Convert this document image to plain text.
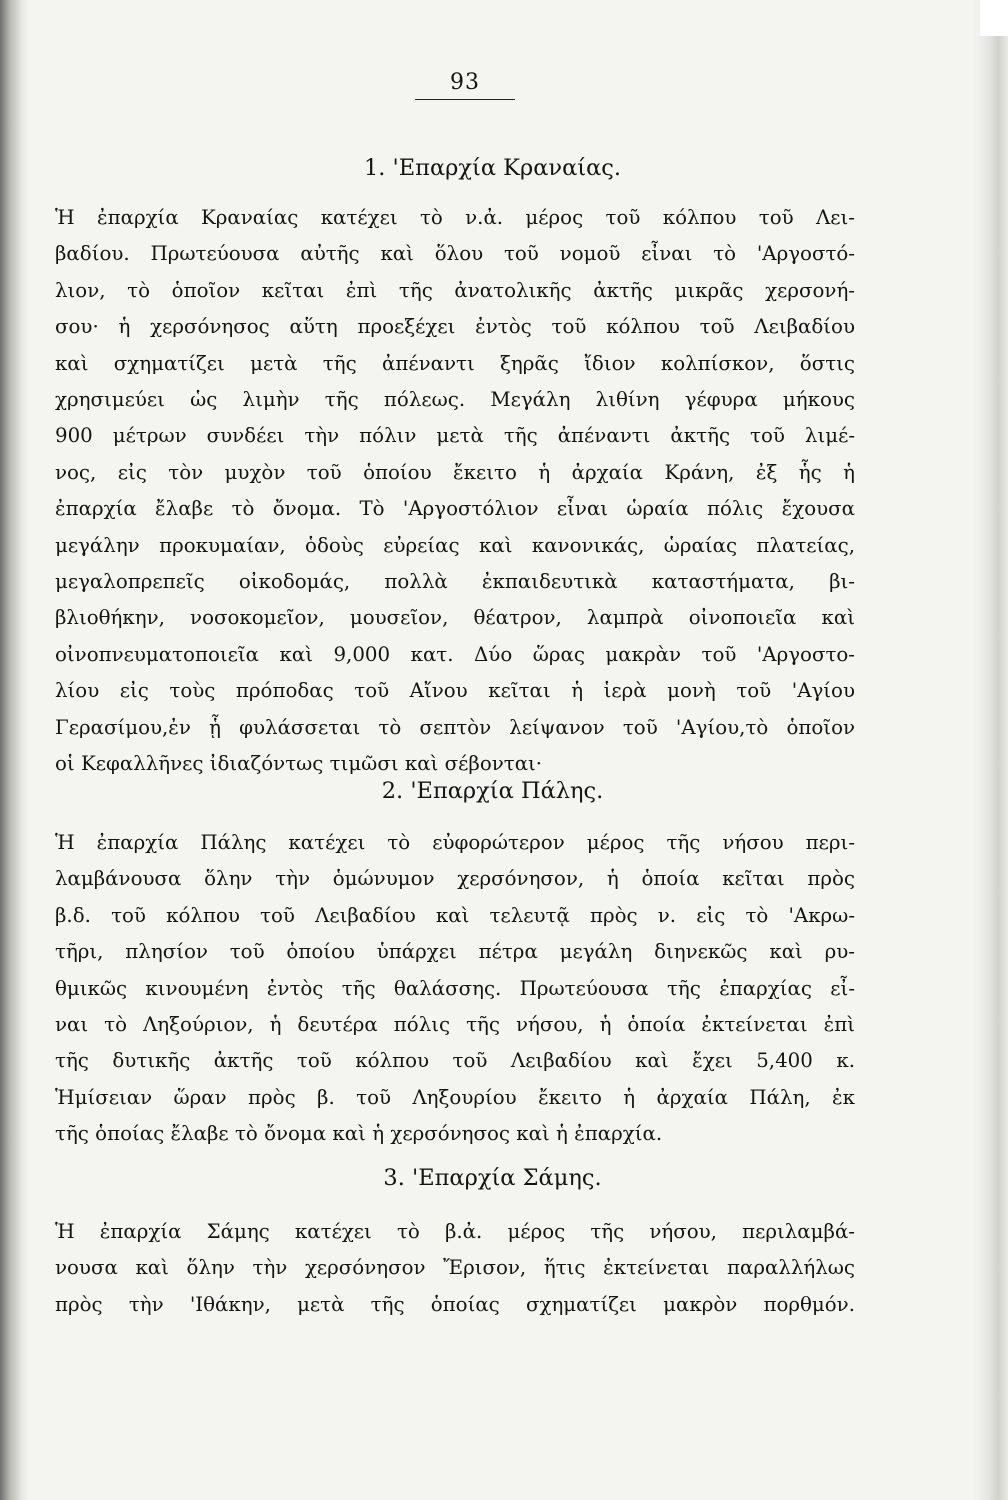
93
1. 'Επαρχία Κραναίας.
Ἡ ἐπαρχία Κραναίας κατέχει τὸ ν.ἀ. μέρος τοῦ κόλπου τοῦ Λει-
βαδίου. Πρωτεύουσα αὐτῆς καὶ ὅλου τοῦ νομοῦ εἶναι τὸ 'Αργοστό-
λιον, τὸ ὁποῖον κεῖται ἐπὶ τῆς ἀνατολικῆς ἀκτῆς μικρᾶς χερσονή-
σου· ἡ χερσόνησος αὕτη προεξέχει ἐντὸς τοῦ κόλπου τοῦ Λειβαδίου
καὶ σχηματίζει μετὰ τῆς ἀπέναντι ξηρᾶς ἴδιον κολπίσκον, ὅστις
χρησιμεύει ὡς λιμὴν τῆς πόλεως. Μεγάλη λιθίνη γέφυρα μήκους
900 μέτρων συνδέει τὴν πόλιν μετὰ τῆς ἀπέναντι ἀκτῆς τοῦ λιμέ-
νος, εἰς τὸν μυχὸν τοῦ ὁποίου ἔκειτο ἡ ἀρχαία Κράνη, ἐξ ἧς ἡ
ἐπαρχία ἔλαβε τὸ ὄνομα. Τὸ 'Αργοστόλιον εἶναι ὡραία πόλις ἔχουσα
μεγάλην προκυμαίαν, ὁδοὺς εὐρείας καὶ κανονικάς, ὡραίας πλατείας,
μεγαλοπρεπεῖς οἰκοδομάς, πολλὰ ἐκπαιδευτικὰ καταστήματα, βι-
βλιοθήκην, νοσοκομεῖον, μουσεῖον, θέατρον, λαμπρὰ οἰνοποιεῖα καὶ
οἰνοπνευματοποιεῖα καὶ 9,000 κατ. Δύο ὥρας μακρὰν τοῦ 'Αργοστο-
λίου εἰς τοὺς πρόποδας τοῦ Αἴνου κεῖται ἡ ἱερὰ μονὴ τοῦ 'Αγίου
Γερασίμου,ἐν ᾗ φυλάσσεται τὸ σεπτὸν λείψανον τοῦ 'Αγίου,τὸ ὁποῖον
οἱ Κεφαλλῆνες ἰδιαζόντως τιμῶσι καὶ σέβονται·
2. 'Επαρχία Πάλης.
Ἡ ἐπαρχία Πάλης κατέχει τὸ εὐφορώτερον μέρος τῆς νήσου περι-
λαμβάνουσα ὅλην τὴν ὁμώνυμον χερσόνησον, ἡ ὁποία κεῖται πρὸς
β.δ. τοῦ κόλπου τοῦ Λειβαδίου καὶ τελευτᾷ πρὸς ν. εἰς τὸ 'Ακρω-
τῆρι, πλησίον τοῦ ὁποίου ὑπάρχει πέτρα μεγάλη διηνεκῶς καὶ ρυ-
θμικῶς κινουμένη ἐντὸς τῆς θαλάσσης. Πρωτεύουσα τῆς ἐπαρχίας εἶ-
ναι τὸ Ληξούριον, ἡ δευτέρα πόλις τῆς νήσου, ἡ ὁποία ἐκτείνεται ἐπὶ
τῆς δυτικῆς ἀκτῆς τοῦ κόλπου τοῦ Λειβαδίου καὶ ἔχει 5,400 κ.
Ἡμίσειαν ὥραν πρὸς β. τοῦ Ληξουρίου ἔκειτο ἡ ἀρχαία Πάλη, ἐκ
τῆς ὁποίας ἔλαβε τὸ ὄνομα καὶ ἡ χερσόνησος καὶ ἡ ἐπαρχία.
3. 'Επαρχία Σάμης.
Ἡ ἐπαρχία Σάμης κατέχει τὸ β.ἀ. μέρος τῆς νήσου, περιλαμβά-
νουσα καὶ ὅλην τὴν χερσόνησον Ἔρισον, ἥτις ἐκτείνεται παραλλήλως
πρὸς τὴν 'Ιθάκην, μετὰ τῆς ὁποίας σχηματίζει μακρὸν πορθμόν.
